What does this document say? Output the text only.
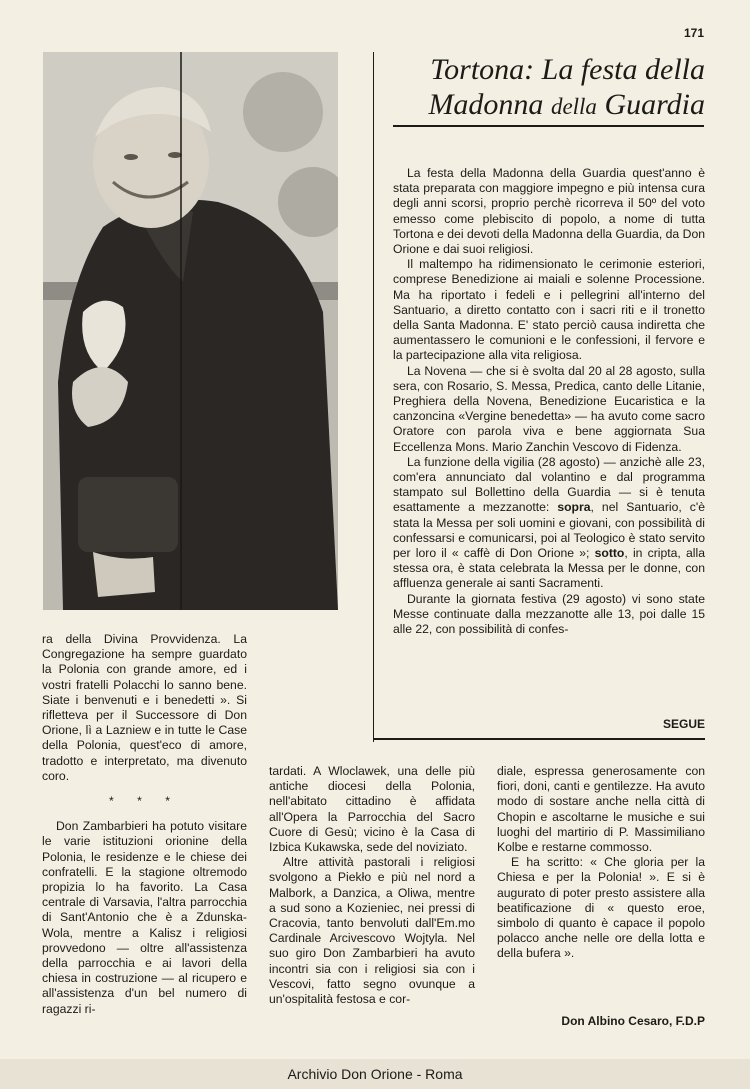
171
Tortona: La festa della
Madonna della Guardia

La festa della Madonna della Guardia quest'anno è stata preparata con maggiore impegno e più intensa cura degli anni scorsi, proprio perchè ricorreva il 50º del voto emesso come plebiscito di popolo, a nome di tutta Tortona e dei devoti della Madonna della Guardia, da Don Orione e dai suoi religiosi.

Il maltempo ha ridimensionato le cerimonie esteriori, comprese Benedizione ai maiali e solenne Processione. Ma ha riportato i fedeli e i pellegrini all'interno del Santuario, a diretto contatto con i sacri riti e il tronetto della Santa Madonna. E' stato perciò causa indiretta che aumentassero le comunioni e le confessioni, il fervore e la partecipazione alla vita religiosa.

La Novena — che si è svolta dal 20 al 28 agosto, sulla sera, con Rosario, S. Messa, Predica, canto delle Litanie, Preghiera della Novena, Benedizione Eucaristica e la canzoncina «Vergine benedetta» — ha avuto come sacro Oratore con parola viva e bene aggiornata Sua Eccellenza Mons. Mario Zanchin Vescovo di Fidenza.

La funzione della vigilia (28 agosto) — anzichè alle 23, com'era annunciato dal volantino e dal programma stampato sul Bollettino della Guardia — si è tenuta esattamente a mezzanotte: sopra, nel Santuario, c'è stata la Messa per soli uomini e giovani, con possibilità di confessarsi e comunicarsi, poi al Teologico è stato servito per loro il « caffè di Don Orione »; sotto, in cripta, alla stessa ora, è stata celebrata la Messa per le donne, con affluenza generale ai santi Sacramenti.

Durante la giornata festiva (29 agosto) vi sono state Messe continuate dalla mezzanotte alle 13, poi dalle 15 alle 22, con possibilità di confes-

SEGUE

ra della Divina Provvidenza. La Congregazione ha sempre guardato la Polonia con grande amore, ed i vostri fratelli Polacchi lo sanno bene. Siate i benvenuti e i benedetti ». Si rifletteva per il Successore di Don Orione, lì a Lazniew e in tutte le Case della Polonia, quest'eco di amore, tradotto e interpretato, ma divenuto coro.

* * *

Don Zambarbieri ha potuto visitare le varie istituzioni orionine della Polonia, le residenze e le chiese dei confratelli. E la stagione oltremodo propizia lo ha favorito. La Casa centrale di Varsavia, l'altra parrocchia di Sant'Antonio che è a Zdunska-Wola, mentre a Kalisz i religiosi provvedono — oltre all'assistenza della parrocchia e ai lavori della chiesa in costruzione — al ricupero e all'assistenza d'un bel numero di ragazzi ri-

tardati. A Wloclawek, una delle più antiche diocesi della Polonia, nell'abitato cittadino è affidata all'Opera la Parrocchia del Sacro Cuore di Gesù; vicino è la Casa di Izbica Kukawska, sede del noviziato.

Altre attività pastorali i religiosi svolgono a Piekło e più nel nord a Malbork, a Danzica, a Oliwa, mentre a sud sono a Kozieniec, nei pressi di Cracovia, tanto benvoluti dall'Em.mo Cardinale Arcivescovo Wojtyla. Nel suo giro Don Zambarbieri ha avuto incontri sia con i religiosi sia con i Vescovi, fatto segno ovunque a un'ospitalità festosa e cor-

diale, espressa generosamente con fiori, doni, canti e gentilezze. Ha avuto modo di sostare anche nella città di Chopin e ascoltarne le musiche e sui luoghi del martirio di P. Massimiliano Kolbe e restarne commosso.

E ha scritto: « Che gloria per la Chiesa e per la Polonia! ». E si è augurato di poter presto assistere alla beatificazione di « questo eroe, simbolo di quanto è capace il popolo polacco anche nelle ore della lotta e della bufera ».

Don Albino Cesaro, F.D.P
Archivio Don Orione - Roma
